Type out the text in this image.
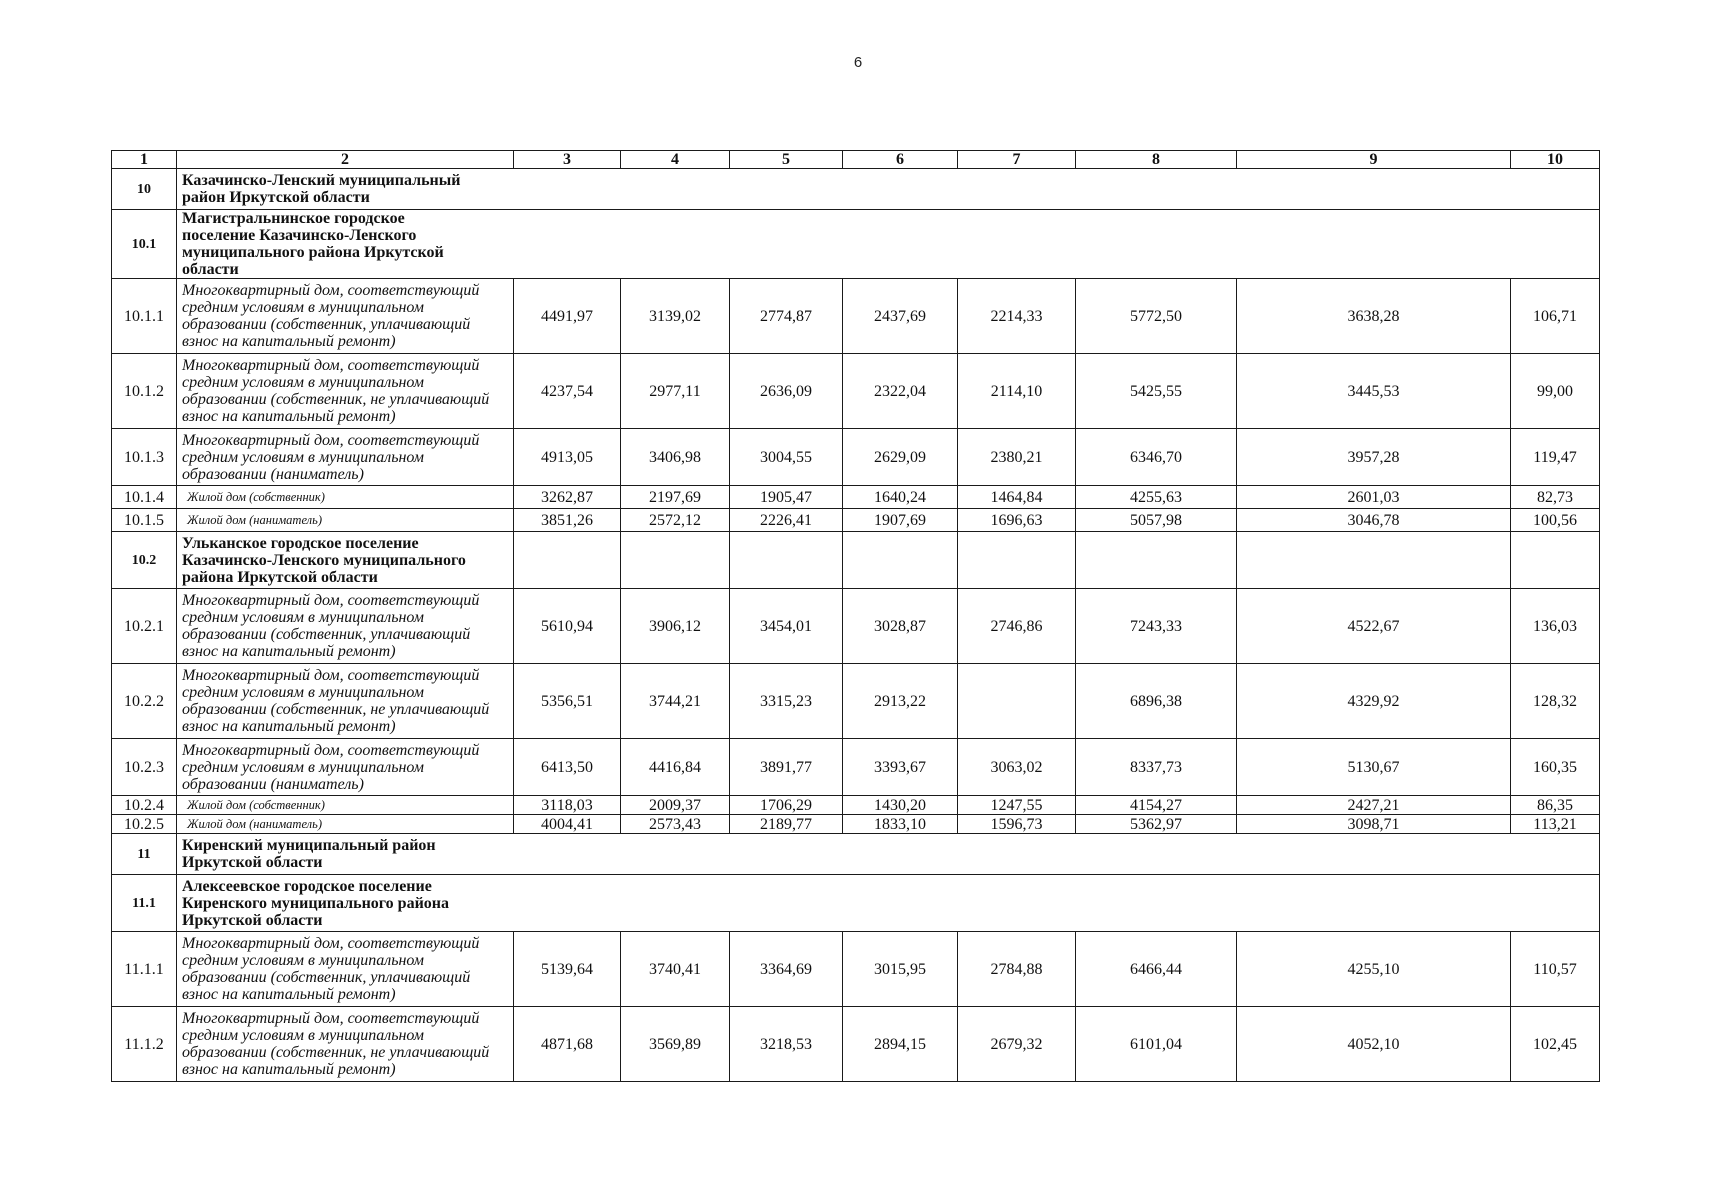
6
1	2	3	4	5	6	7	8	9	10
10	Казачинско-Ленский муниципальный район Иркутской области								
10.1	Магистральнинское городское поселение Казачинско-Ленского муниципального района Иркутской области								
10.1.1	Многоквартирный дом, соответствующий средним условиям в муниципальном образовании (собственник, уплачивающий взнос на капитальный ремонт)	4491,97	3139,02	2774,87	2437,69	2214,33	5772,50	3638,28	106,71
10.1.2	Многоквартирный дом, соответствующий средним условиям в муниципальном образовании (собственник, не уплачивающий взнос на капитальный ремонт)	4237,54	2977,11	2636,09	2322,04	2114,10	5425,55	3445,53	99,00
10.1.3	Многоквартирный дом, соответствующий средним условиям в муниципальном образовании (наниматель)	4913,05	3406,98	3004,55	2629,09	2380,21	6346,70	3957,28	119,47
10.1.4	Жилой дом (собственник)	3262,87	2197,69	1905,47	1640,24	1464,84	4255,63	2601,03	82,73
10.1.5	Жилой дом (наниматель)	3851,26	2572,12	2226,41	1907,69	1696,63	5057,98	3046,78	100,56
10.2	Ульканское городское поселение Казачинско-Ленского муниципального района Иркутской области								
10.2.1	Многоквартирный дом, соответствующий средним условиям в муниципальном образовании (собственник, уплачивающий взнос на капитальный ремонт)	5610,94	3906,12	3454,01	3028,87	2746,86	7243,33	4522,67	136,03
10.2.2	Многоквартирный дом, соответствующий средним условиям в муниципальном образовании (собственник, не уплачивающий взнос на капитальный ремонт)	5356,51	3744,21	3315,23	2913,22		6896,38	4329,92	128,32
10.2.3	Многоквартирный дом, соответствующий средним условиям в муниципальном образовании (наниматель)	6413,50	4416,84	3891,77	3393,67	3063,02	8337,73	5130,67	160,35
10.2.4	Жилой дом (собственник)	3118,03	2009,37	1706,29	1430,20	1247,55	4154,27	2427,21	86,35
10.2.5	Жилой дом (наниматель)	4004,41	2573,43	2189,77	1833,10	1596,73	5362,97	3098,71	113,21
11	Киренский муниципальный район Иркутской области								
11.1	Алексеевское городское поселение Киренского муниципального района Иркутской области								
11.1.1	Многоквартирный дом, соответствующий средним условиям в муниципальном образовании (собственник, уплачивающий взнос на капитальный ремонт)	5139,64	3740,41	3364,69	3015,95	2784,88	6466,44	4255,10	110,57
11.1.2	Многоквартирный дом, соответствующий средним условиям в муниципальном образовании (собственник, не уплачивающий взнос на капитальный ремонт)	4871,68	3569,89	3218,53	2894,15	2679,32	6101,04	4052,10	102,45
